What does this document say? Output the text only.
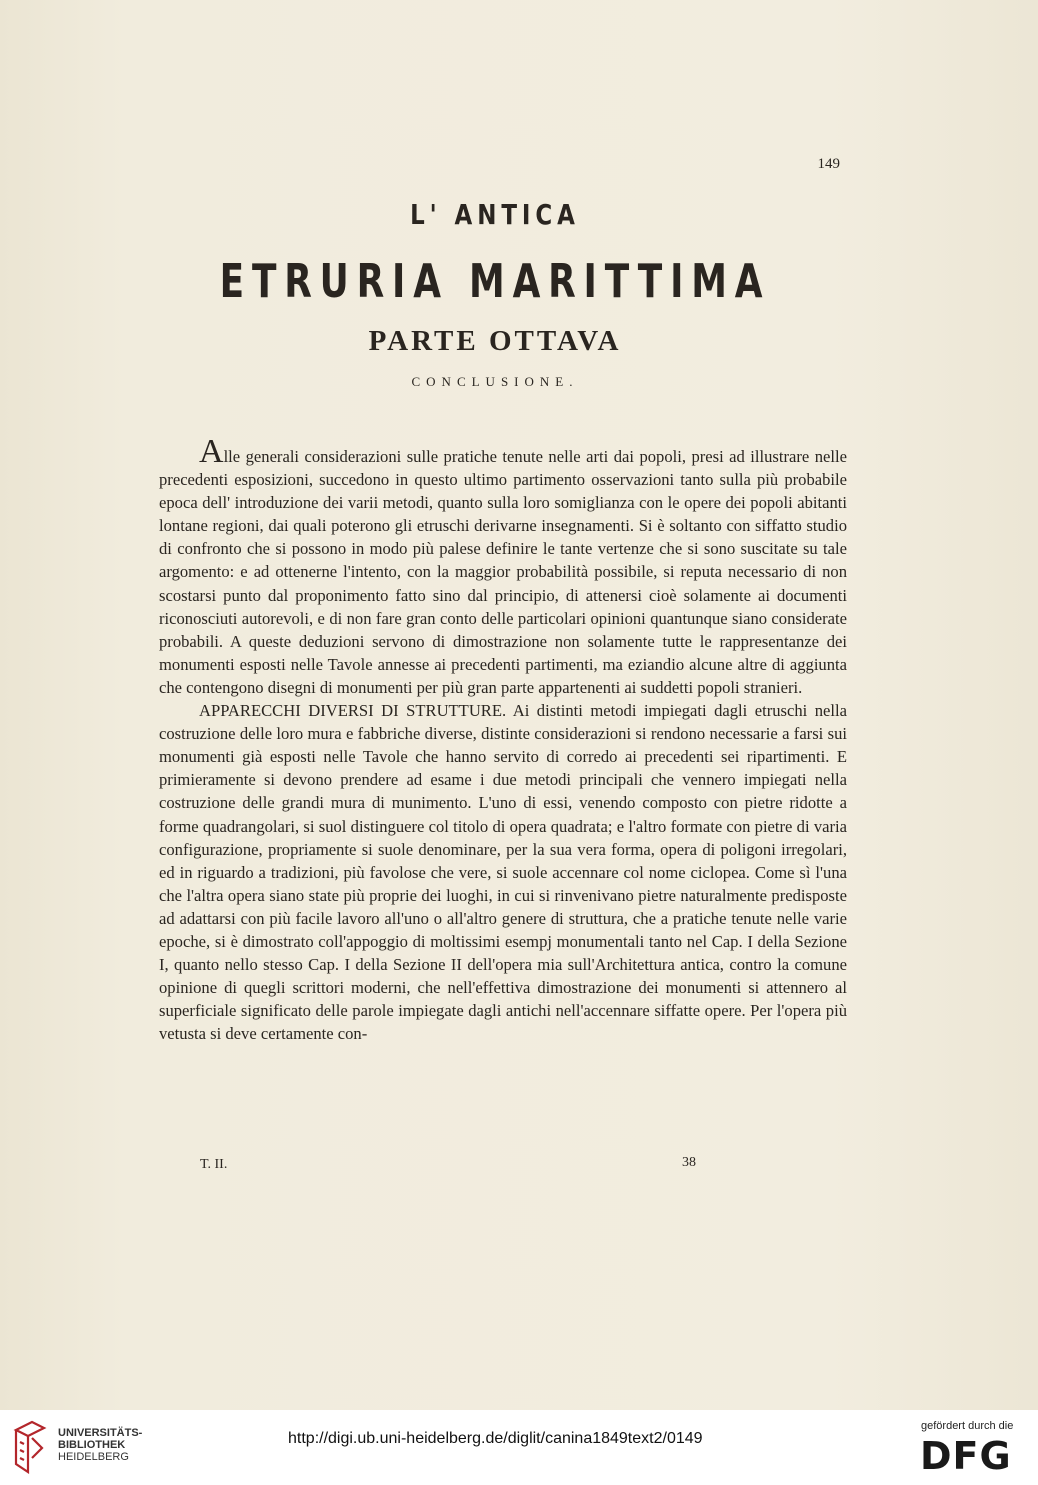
149
L' ANTICA
ETRURIA MARITTIMA
PARTE OTTAVA
CONCLUSIONE.

Alle generali considerazioni sulle pratiche tenute nelle arti dai popoli, presi ad illustrare nelle precedenti esposizioni, succedono in questo ultimo partimento osservazioni tanto sulla più probabile epoca dell' introduzione dei varii metodi, quanto sulla loro somiglianza con le opere dei popoli abitanti lontane regioni, dai quali poterono gli etruschi derivarne insegnamenti. Si è soltanto con siffatto studio di confronto che si possono in modo più palese definire le tante vertenze che si sono suscitate su tale argomento: e ad ottenerne l'intento, con la maggior probabilità possibile, si reputa necessario di non scostarsi punto dal proponimento fatto sino dal principio, di attenersi cioè solamente ai documenti riconosciuti autorevoli, e di non fare gran conto delle particolari opinioni quantunque siano considerate probabili. A queste deduzioni servono di dimostrazione non solamente tutte le rappresentanze dei monumenti esposti nelle Tavole annesse ai precedenti partimenti, ma eziandio alcune altre di aggiunta che contengono disegni di monumenti per più gran parte appartenenti ai suddetti popoli stranieri.

APPARECCHI DIVERSI DI STRUTTURE. Ai distinti metodi impiegati dagli etruschi nella costruzione delle loro mura e fabbriche diverse, distinte considerazioni si rendono necessarie a farsi sui monumenti già esposti nelle Tavole che hanno servito di corredo ai precedenti sei ripartimenti. E primieramente si devono prendere ad esame i due metodi principali che vennero impiegati nella costruzione delle grandi mura di munimento. L'uno di essi, venendo composto con pietre ridotte a forme quadrangolari, si suol distinguere col titolo di opera quadrata; e l'altro formate con pietre di varia configurazione, propriamente si suole denominare, per la sua vera forma, opera di poligoni irregolari, ed in riguardo a tradizioni, più favolose che vere, si suole accennare col nome ciclopea. Come sì l'una che l'altra opera siano state più proprie dei luoghi, in cui si rinvenivano pietre naturalmente predisposte ad adattarsi con più facile lavoro all'uno o all'altro genere di struttura, che a pratiche tenute nelle varie epoche, si è dimostrato coll'appoggio di moltissimi esempj monumentali tanto nel Cap. I della Sezione I, quanto nello stesso Cap. I della Sezione II dell'opera mia sull'Architettura antica, contro la comune opinione di quegli scrittori moderni, che nell'effettiva dimostrazione dei monumenti si attennero al superficiale significato delle parole impiegate dagli antichi nell'accennare siffatte opere. Per l'opera più vetusta si deve certamente con-

T. II.	38
UNIVERSITÄTS-
BIBLIOTHEK
HEIDELBERG
http://digi.ub.uni-heidelberg.de/diglit/canina1849text2/0149
gefördert durch die
DFG
